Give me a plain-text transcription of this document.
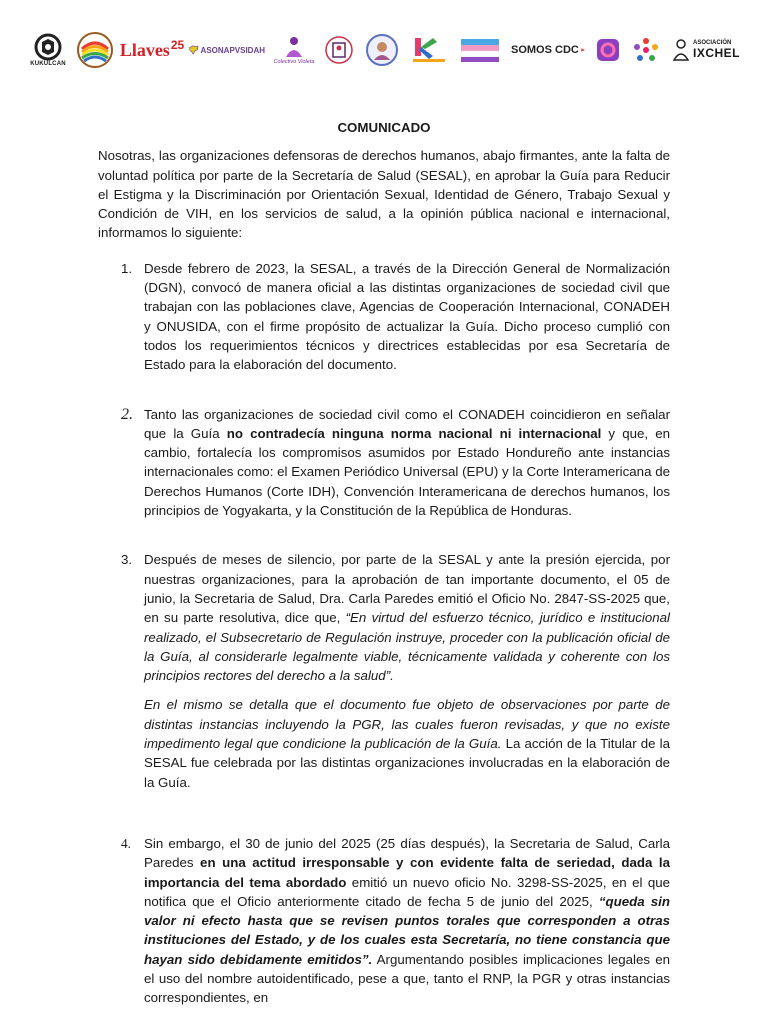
KUKULCAN
Llaves 25 ASONAPVSIDAH
Colectivo Violeta
SOMOS CDC
ASOCIACIÓN
IXCHEL
COMUNICADO

Nosotras, las organizaciones defensoras de derechos humanos, abajo firmantes, ante la falta de voluntad política por parte de la Secretaría de Salud (SESAL), en aprobar la Guía para Reducir el Estigma y la Discriminación por Orientación Sexual, Identidad de Género, Trabajo Sexual y Condición de VIH, en los servicios de salud, a la opinión pública nacional e internacional, informamos lo siguiente:

1. Desde febrero de 2023, la SESAL, a través de la Dirección General de Normalización (DGN), convocó de manera oficial a las distintas organizaciones de sociedad civil que trabajan con las poblaciones clave, Agencias de Cooperación Internacional, CONADEH y ONUSIDA, con el firme propósito de actualizar la Guía. Dicho proceso cumplió con todos los requerimientos técnicos y directrices establecidas por esa Secretaría de Estado para la elaboración del documento.

2. Tanto las organizaciones de sociedad civil como el CONADEH coincidieron en señalar que la Guía no contradecía ninguna norma nacional ni internacional y que, en cambio, fortalecía los compromisos asumidos por Estado Hondureño ante instancias internacionales como: el Examen Periódico Universal (EPU) y la Corte Interamericana de Derechos Humanos (Corte IDH), Convención Interamericana de derechos humanos, los principios de Yogyakarta, y la Constitución de la República de Honduras.

3. Después de meses de silencio, por parte de la SESAL y ante la presión ejercida, por nuestras organizaciones, para la aprobación de tan importante documento, el 05 de junio, la Secretaria de Salud, Dra. Carla Paredes emitió el Oficio No. 2847-SS-2025 que, en su parte resolutiva, dice que, “En virtud del esfuerzo técnico, jurídico e institucional realizado, el Subsecretario de Regulación instruye, proceder con la publicación oficial de la Guía, al considerarle legalmente viable, técnicamente validada y coherente con los principios rectores del derecho a la salud”.

En el mismo se detalla que el documento fue objeto de observaciones por parte de distintas instancias incluyendo la PGR, las cuales fueron revisadas, y que no existe impedimento legal que condicione la publicación de la Guía. La acción de la Titular de la SESAL fue celebrada por las distintas organizaciones involucradas en la elaboración de la Guía.

4. Sin embargo, el 30 de junio del 2025 (25 días después), la Secretaria de Salud, Carla Paredes en una actitud irresponsable y con evidente falta de seriedad, dada la importancia del tema abordado emitió un nuevo oficio No. 3298-SS-2025, en el que notifica que el Oficio anteriormente citado de fecha 5 de junio del 2025, “queda sin valor ni efecto hasta que se revisen puntos torales que corresponden a otras instituciones del Estado, y de los cuales esta Secretaría, no tiene constancia que hayan sido debidamente emitidos”. Argumentando posibles implicaciones legales en el uso del nombre autoidentificado, pese a que, tanto el RNP, la PGR y otras instancias correspondientes, en
